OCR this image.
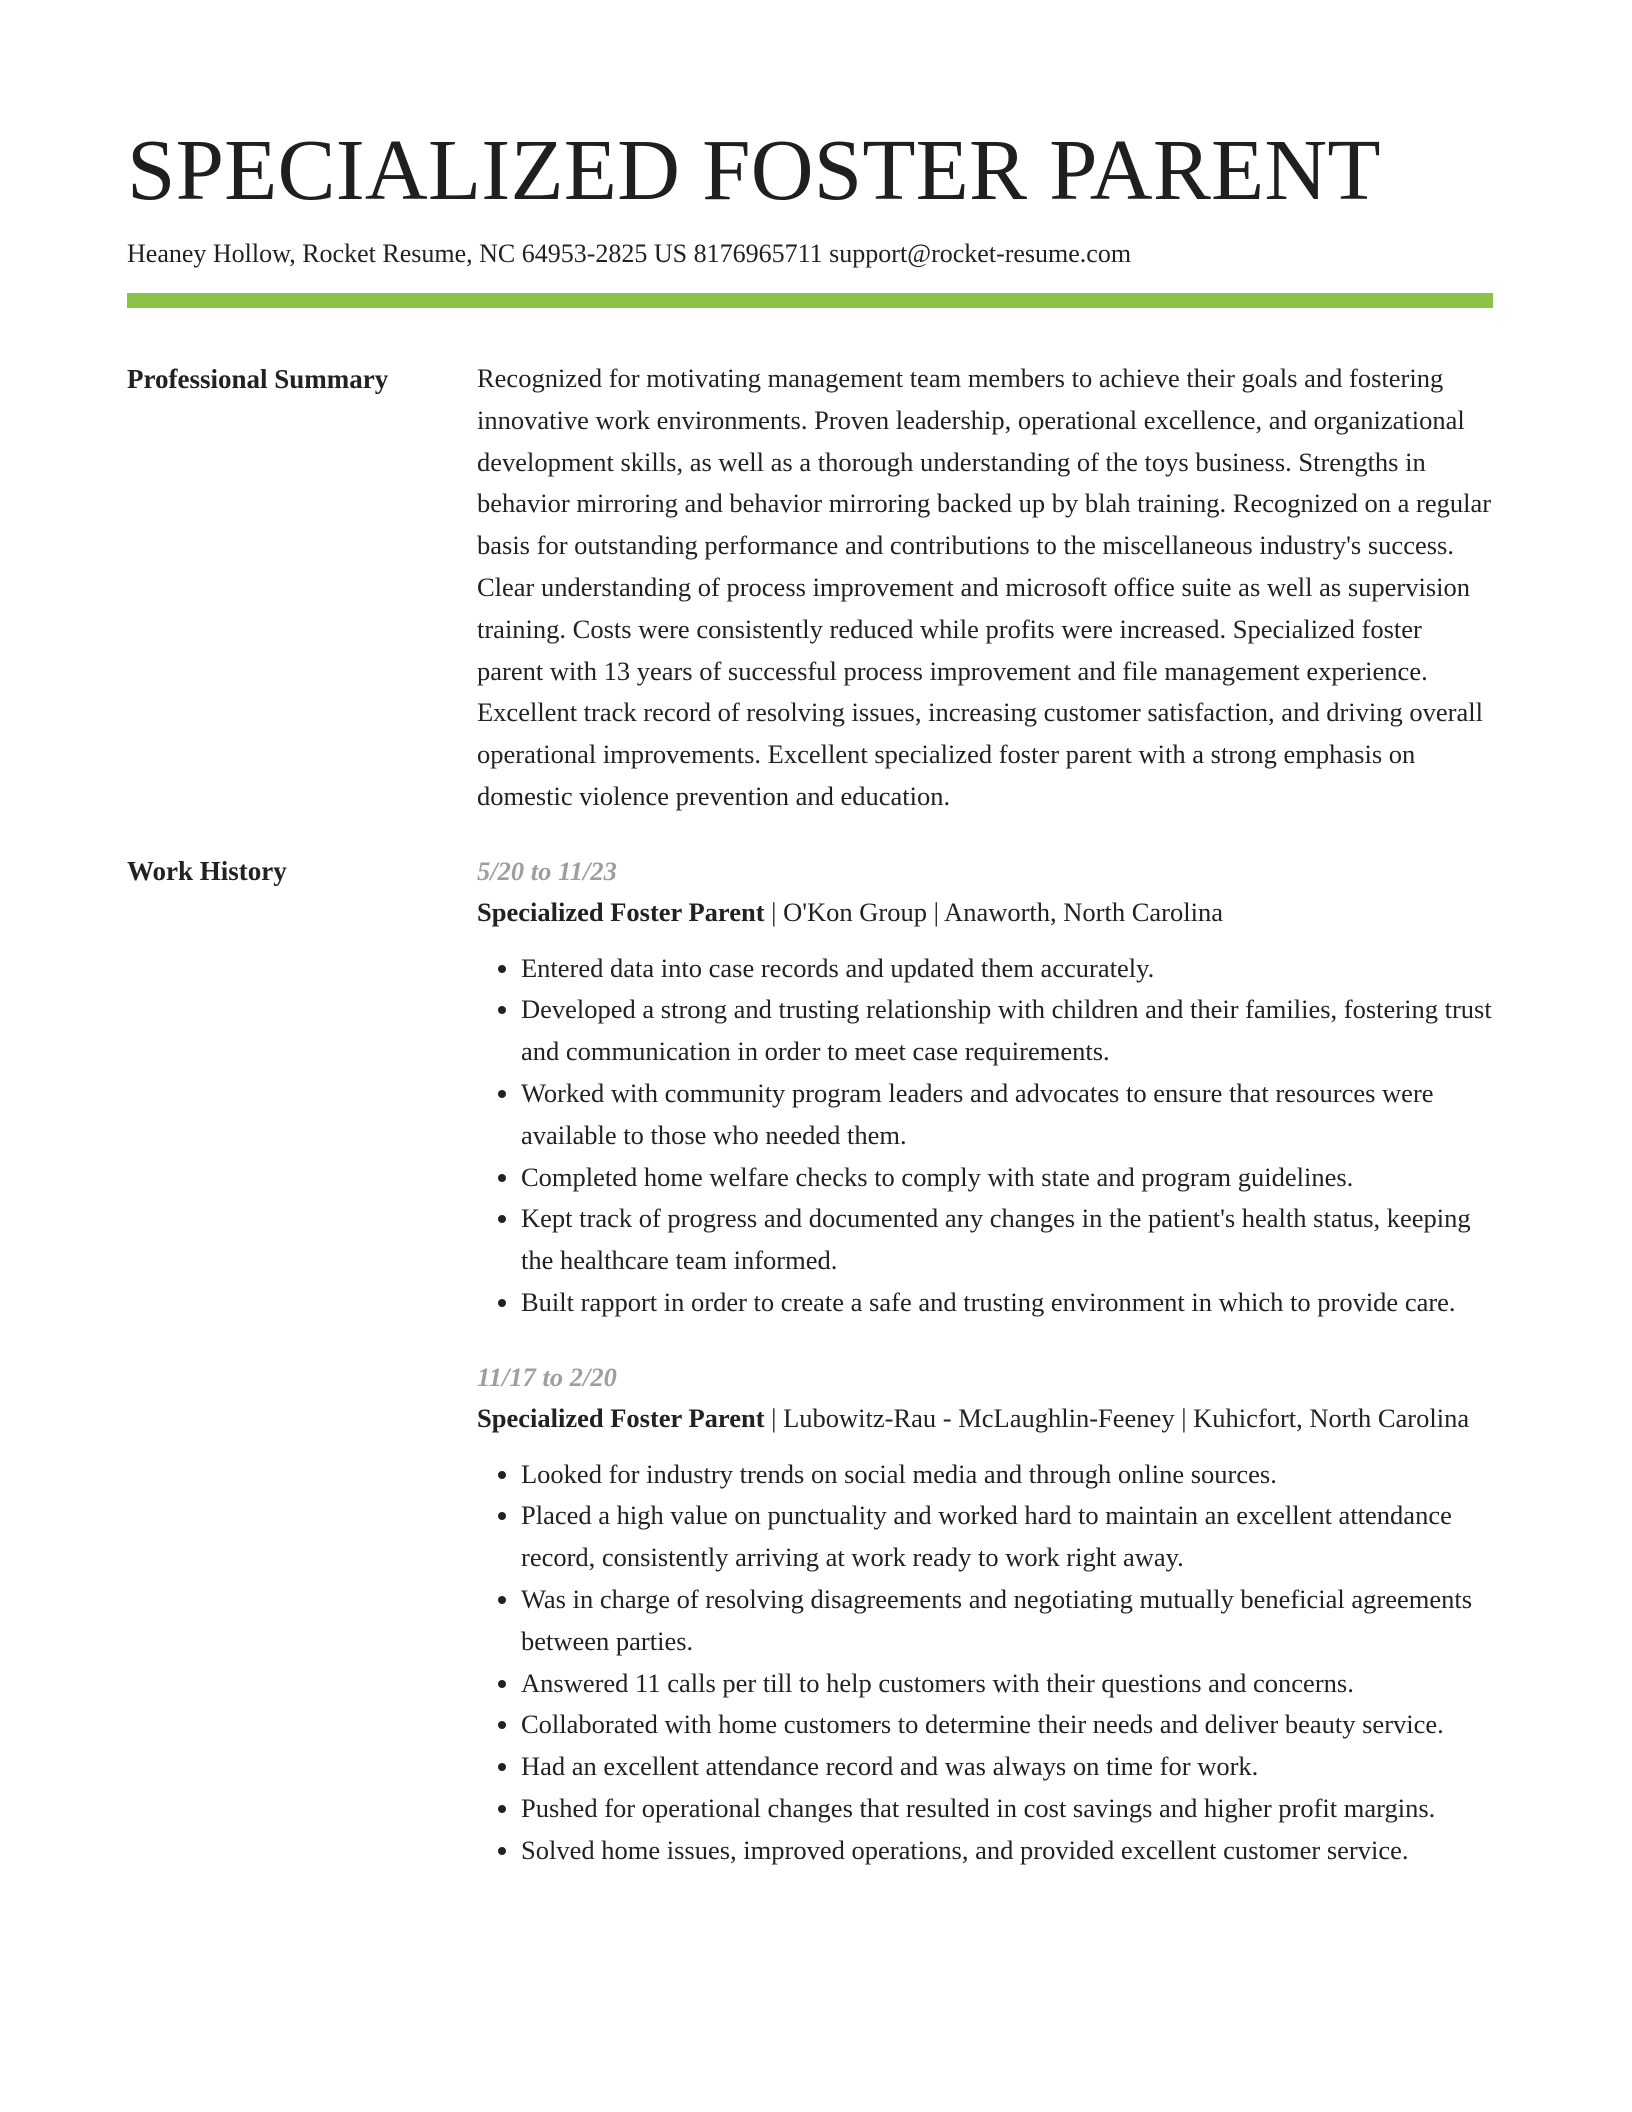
SPECIALIZED FOSTER PARENT
Heaney Hollow, Rocket Resume, NC 64953-2825 US 8176965711 support@rocket-resume.com
Professional Summary	Recognized for motivating management team members to achieve their goals and fostering innovative work environments. Proven leadership, operational excellence, and organizational development skills, as well as a thorough understanding of the toys business. Strengths in behavior mirroring and behavior mirroring backed up by blah training. Recognized on a regular basis for outstanding performance and contributions to the miscellaneous industry's success. Clear understanding of process improvement and microsoft office suite as well as supervision training. Costs were consistently reduced while profits were increased. Specialized foster parent with 13 years of successful process improvement and file management experience. Excellent track record of resolving issues, increasing customer satisfaction, and driving overall operational improvements. Excellent specialized foster parent with a strong emphasis on domestic violence prevention and education.
Work History	5/20 to 11/23
Specialized Foster Parent | O'Kon Group | Anaworth, North Carolina
• Entered data into case records and updated them accurately.
• Developed a strong and trusting relationship with children and their families, fostering trust and communication in order to meet case requirements.
• Worked with community program leaders and advocates to ensure that resources were available to those who needed them.
• Completed home welfare checks to comply with state and program guidelines.
• Kept track of progress and documented any changes in the patient's health status, keeping the healthcare team informed.
• Built rapport in order to create a safe and trusting environment in which to provide care.
11/17 to 2/20
Specialized Foster Parent | Lubowitz-Rau - McLaughlin-Feeney | Kuhicfort, North Carolina
• Looked for industry trends on social media and through online sources.
• Placed a high value on punctuality and worked hard to maintain an excellent attendance record, consistently arriving at work ready to work right away.
• Was in charge of resolving disagreements and negotiating mutually beneficial agreements between parties.
• Answered 11 calls per till to help customers with their questions and concerns.
• Collaborated with home customers to determine their needs and deliver beauty service.
• Had an excellent attendance record and was always on time for work.
• Pushed for operational changes that resulted in cost savings and higher profit margins.
• Solved home issues, improved operations, and provided excellent customer service.
